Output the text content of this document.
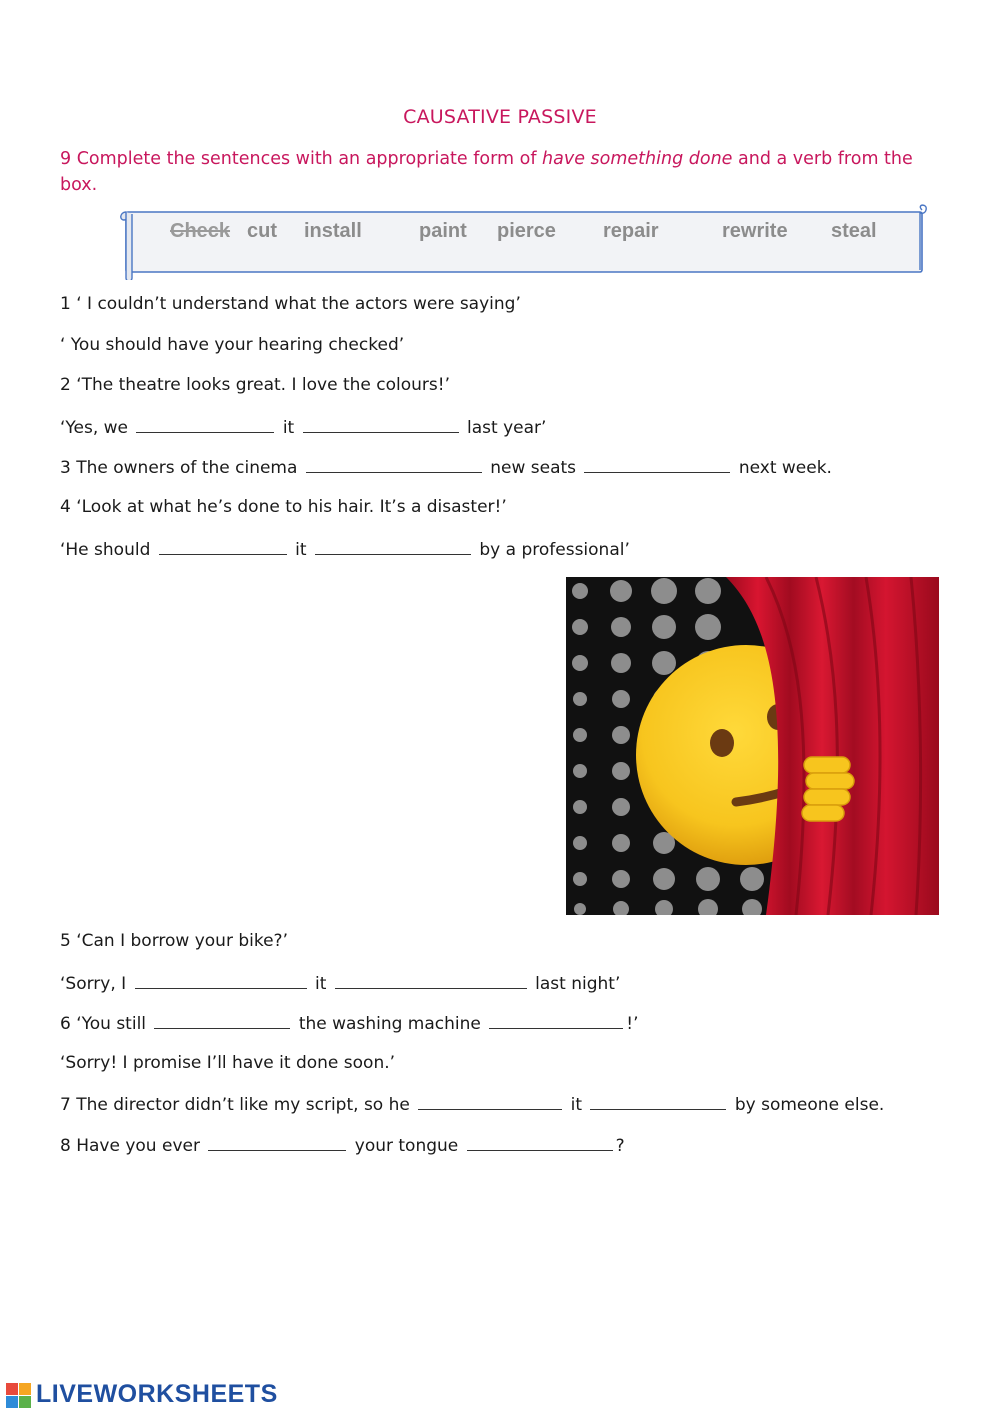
CAUSATIVE PASSIVE
9 Complete the sentences with an appropriate form of have something done and a verb from the box.
Check cut install	paint pierce repair	rewrite steal
1 ‘ I couldn’t understand what the actors were saying’
‘ You should have your hearing checked’
2 ‘The theatre looks great. I love the colours!’
‘Yes, we	it	last year’
3 The owners of the cinema	new seats	next week.
4 ‘Look at what he’s done to his hair. It’s a disaster!’
‘He should	it	by a professional’
5 ‘Can I borrow your bike?’
‘Sorry, I	it	last night’
6 ‘You still	the washing machine	!’
‘Sorry! I promise I’ll have it done soon.’
7 The director didn’t like my script, so he	it	by someone else.
8 Have you ever	your tongue	?
LIVEWORKSHEETS
